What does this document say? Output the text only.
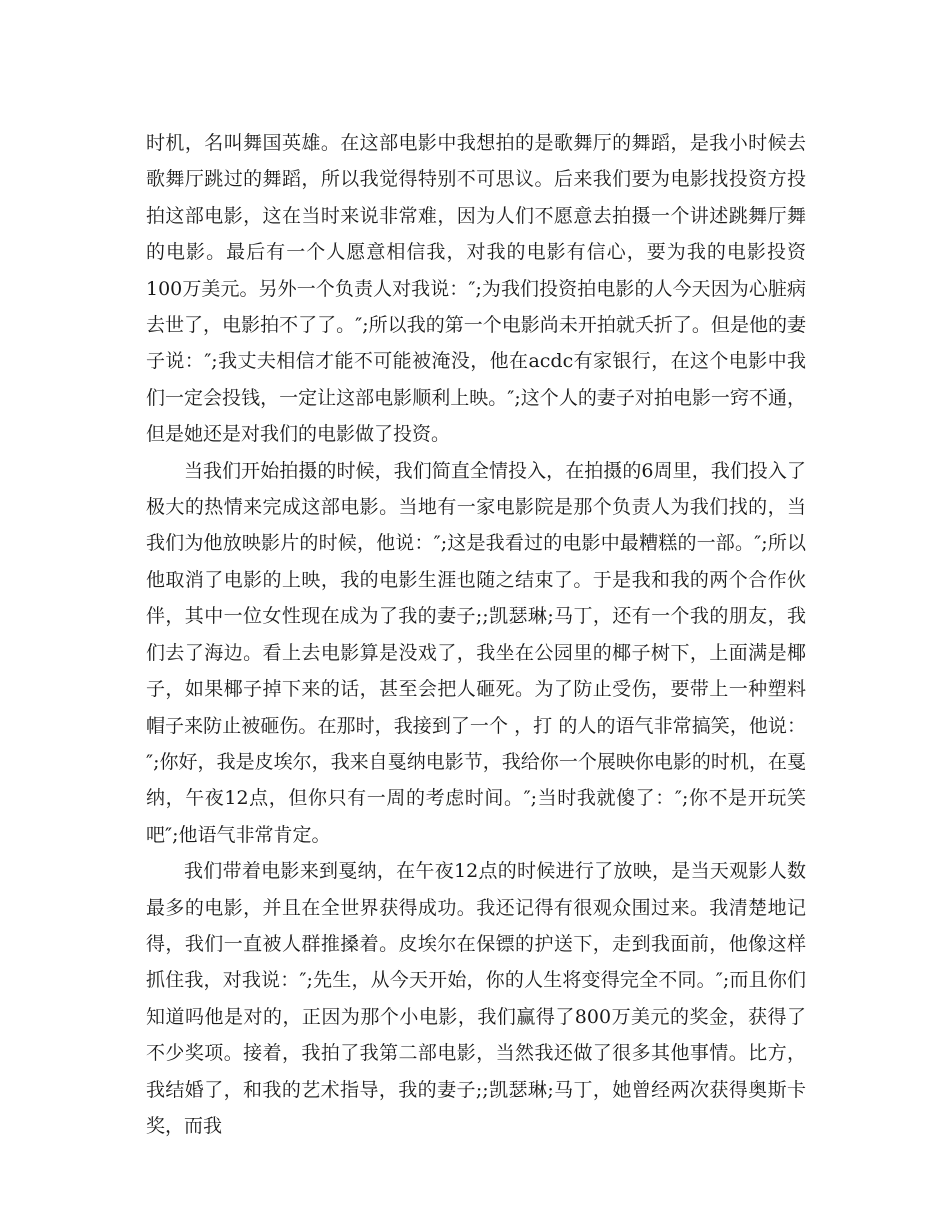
时机，名叫舞国英雄。在这部电影中我想拍的是歌舞厅的舞蹈，是我小时候去歌舞厅跳过的舞蹈，所以我觉得特别不可思议。后来我们要为电影找投资方投拍这部电影，这在当时来说非常难，因为人们不愿意去拍摄一个讲述跳舞厅舞的电影。最后有一个人愿意相信我，对我的电影有信心，要为我的电影投资100万美元。另外一个负责人对我说：″;为我们投资拍电影的人今天因为心脏病去世了，电影拍不了了。″;所以我的第一个电影尚未开拍就夭折了。但是他的妻子说：″;我丈夫相信才能不可能被淹没，他在acdc有家银行，在这个电影中我们一定会投钱，一定让这部电影顺利上映。″;这个人的妻子对拍电影一窍不通，但是她还是对我们的电影做了投资。

当我们开始拍摄的时候，我们简直全情投入，在拍摄的6周里，我们投入了极大的热情来完成这部电影。当地有一家电影院是那个负责人为我们找的，当我们为他放映影片的时候，他说：″;这是我看过的电影中最糟糕的一部。″;所以他取消了电影的上映，我的电影生涯也随之结束了。于是我和我的两个合作伙伴，其中一位女性现在成为了我的妻子;;凯瑟琳;马丁，还有一个我的朋友，我们去了海边。看上去电影算是没戏了，我坐在公园里的椰子树下，上面满是椰子，如果椰子掉下来的话，甚至会把人砸死。为了防止受伤，要带上一种塑料帽子来防止被砸伤。在那时，我接到了一个 ，打 的人的语气非常搞笑，他说：″;你好，我是皮埃尔，我来自戛纳电影节，我给你一个展映你电影的时机，在戛纳，午夜12点，但你只有一周的考虑时间。″;当时我就傻了：″;你不是开玩笑吧″;他语气非常肯定。

我们带着电影来到戛纳，在午夜12点的时候进行了放映，是当天观影人数最多的电影，并且在全世界获得成功。我还记得有很观众围过来。我清楚地记得，我们一直被人群推搡着。皮埃尔在保镖的护送下，走到我面前，他像这样抓住我，对我说：″;先生，从今天开始，你的人生将变得完全不同。″;而且你们知道吗他是对的，正因为那个小电影，我们赢得了800万美元的奖金，获得了不少奖项。接着，我拍了我第二部电影，当然我还做了很多其他事情。比方，我结婚了，和我的艺术指导，我的妻子;;凯瑟琳;马丁，她曾经两次获得奥斯卡奖，而我
